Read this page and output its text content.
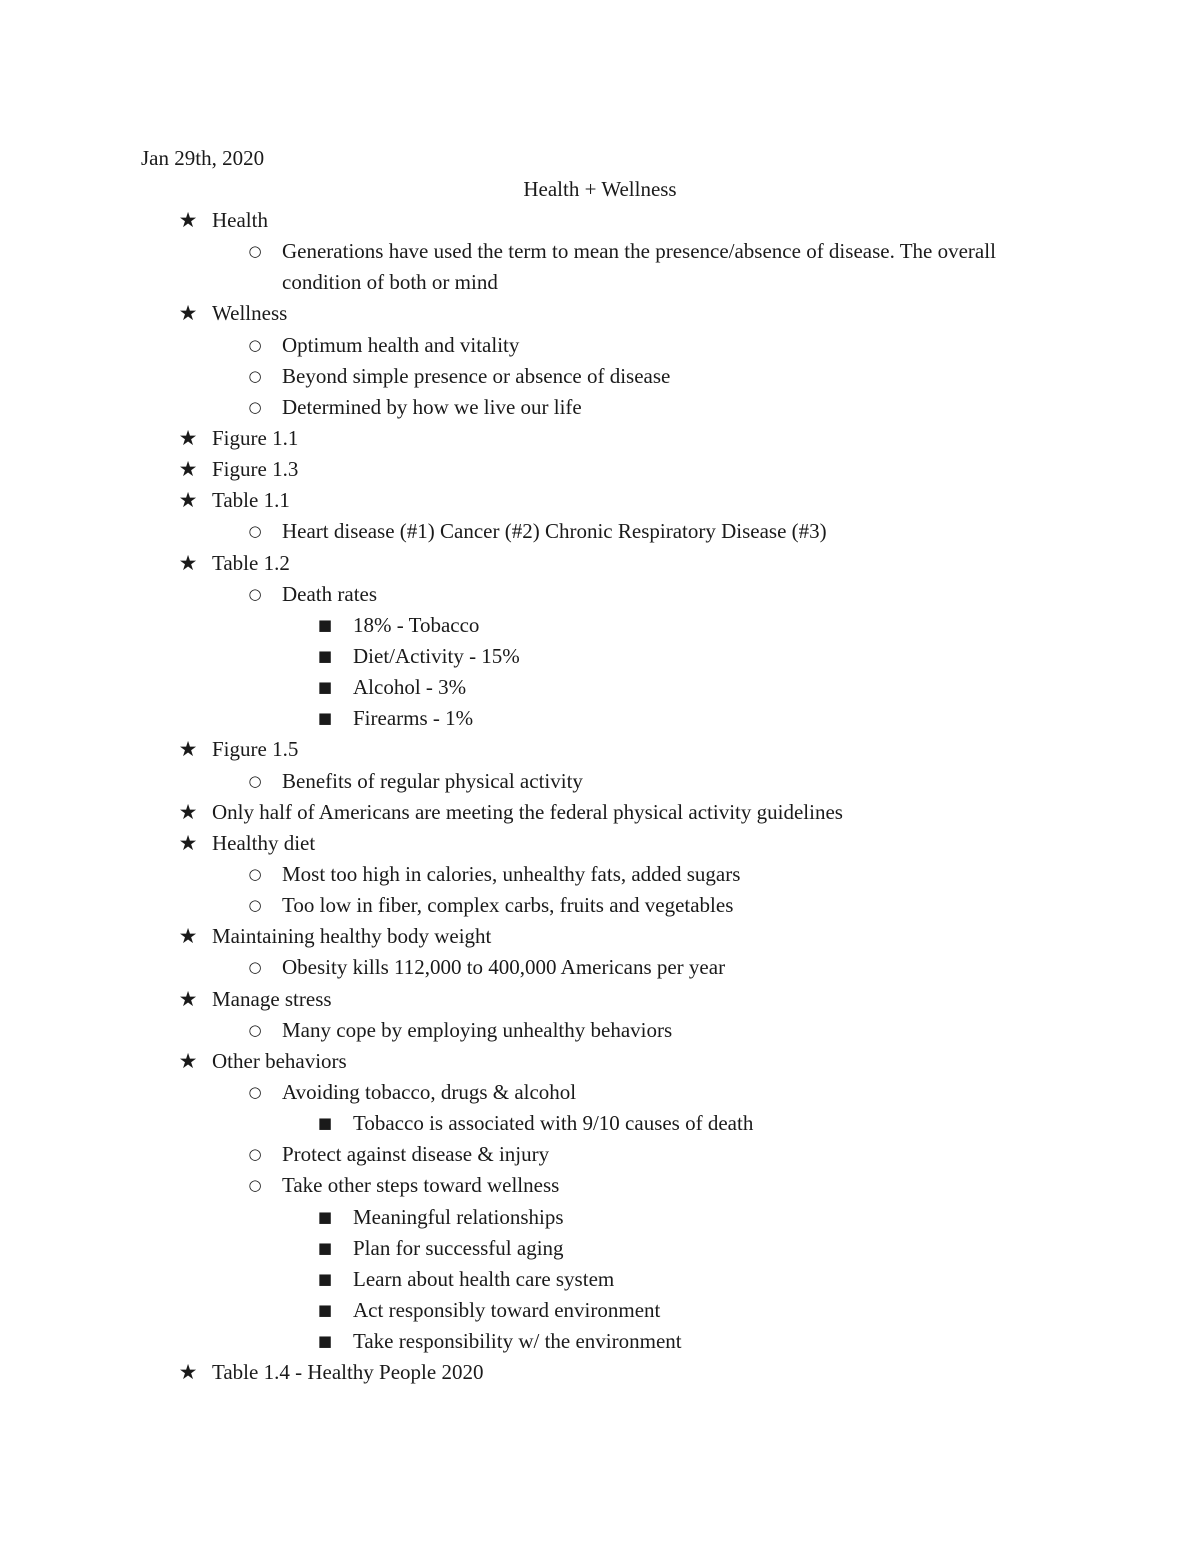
Jan 29th, 2020
Health + Wellness
★ Health
○ Generations have used the term to mean the presence/absence of disease. The overall condition of both or mind
★ Wellness
○ Optimum health and vitality
○ Beyond simple presence or absence of disease
○ Determined by how we live our life
★ Figure 1.1
★ Figure 1.3
★ Table 1.1
○ Heart disease (#1) Cancer (#2) Chronic Respiratory Disease (#3)
★ Table 1.2
○ Death rates
■ 18% - Tobacco
■ Diet/Activity - 15%
■ Alcohol - 3%
■ Firearms - 1%
★ Figure 1.5
○ Benefits of regular physical activity
★ Only half of Americans are meeting the federal physical activity guidelines
★ Healthy diet
○ Most too high in calories, unhealthy fats, added sugars
○ Too low in fiber, complex carbs, fruits and vegetables
★ Maintaining healthy body weight
○ Obesity kills 112,000 to 400,000 Americans per year
★ Manage stress
○ Many cope by employing unhealthy behaviors
★ Other behaviors
○ Avoiding tobacco, drugs & alcohol
■ Tobacco is associated with 9/10 causes of death
○ Protect against disease & injury
○ Take other steps toward wellness
■ Meaningful relationships
■ Plan for successful aging
■ Learn about health care system
■ Act responsibly toward environment
■ Take responsibility w/ the environment
★ Table 1.4 - Healthy People 2020
